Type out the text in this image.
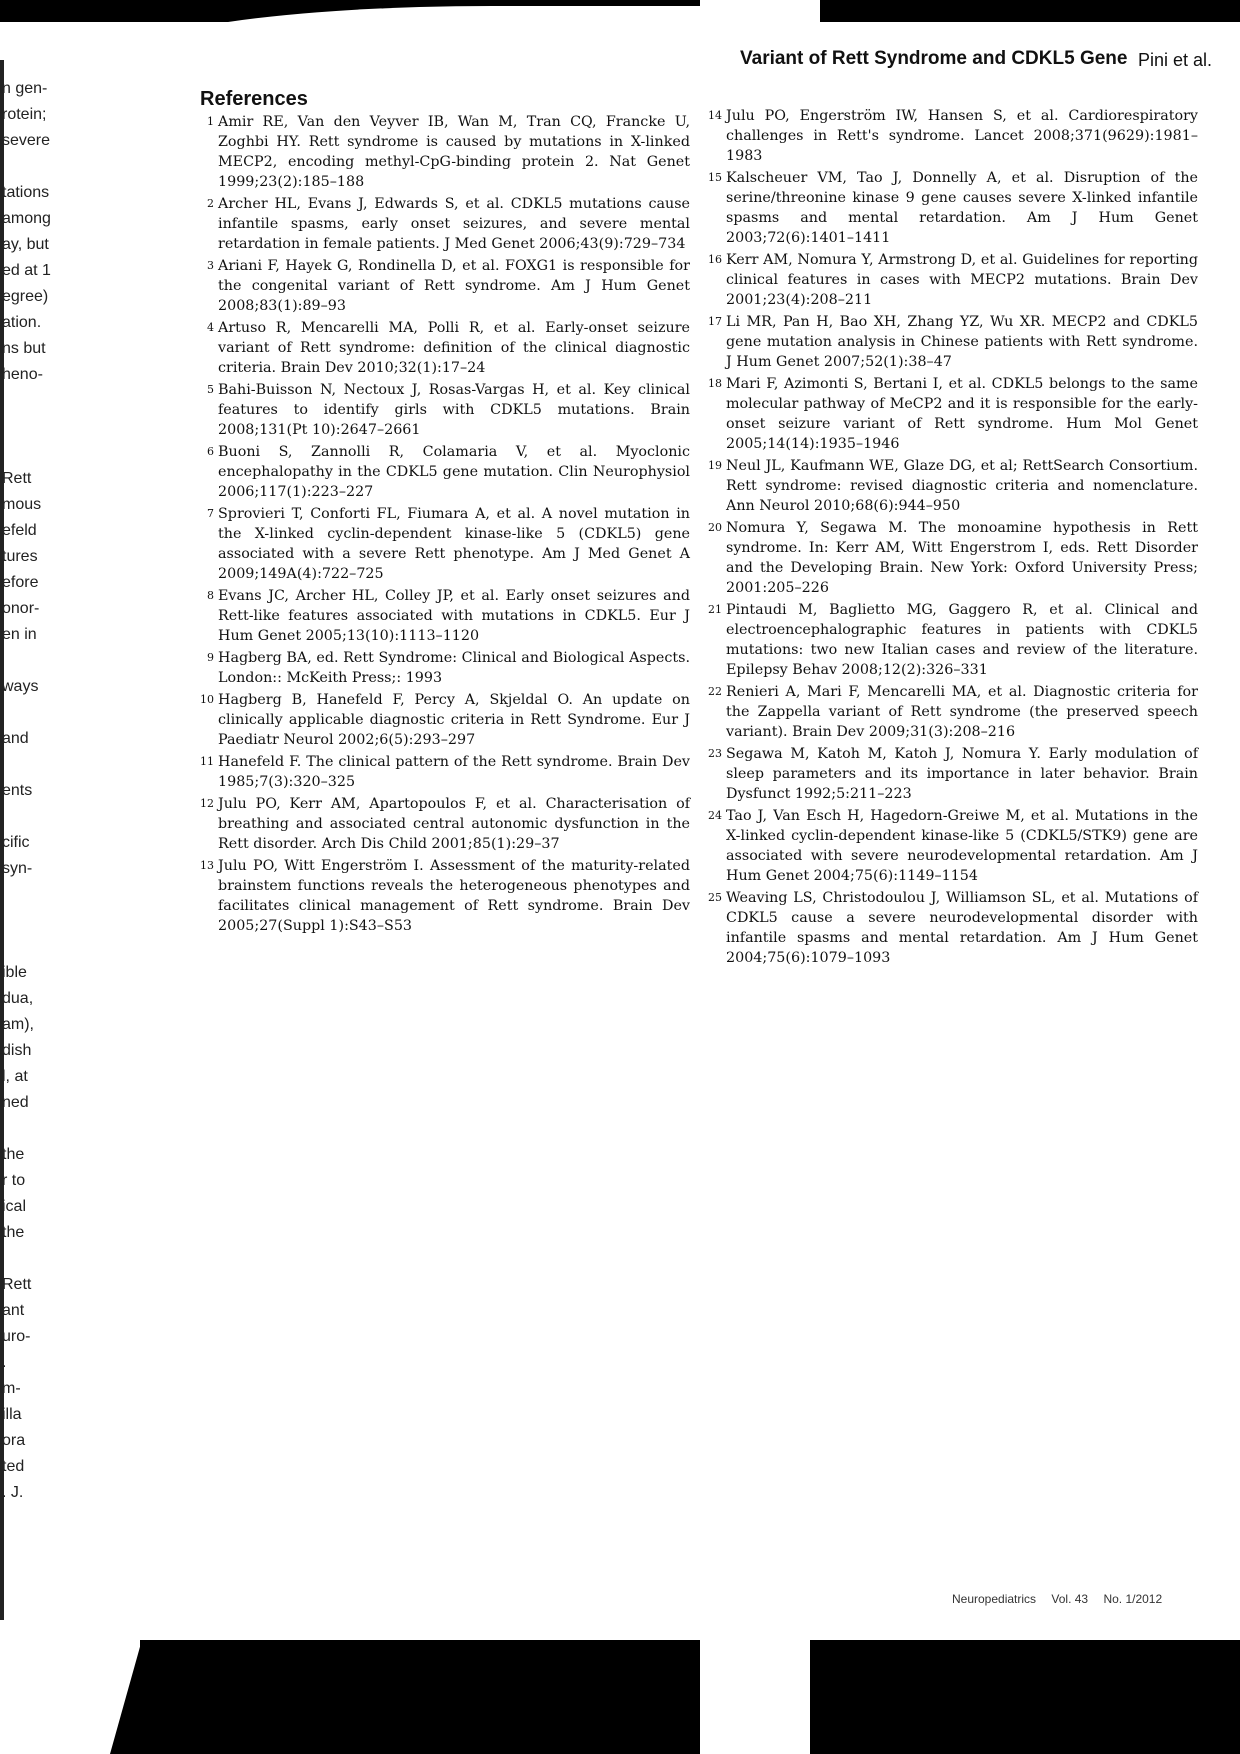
n gen-
rotein;
severe
tations
among
ay, but
ed at 1
egree)
ation.
ns but
heno-
Rett
mous
efeld
tures
efore
onor-
en in
ways
and
ents
cific
syn-
ible
dua,
am),
dish
l, at
ned
the
r to
ical
the
Rett
ant
uro-
.
m-
illa
ora
ted
. J.
Variant of Rett Syndrome and CDKL5 Gene Pini et al.
References
1 Amir RE, Van den Veyver IB, Wan M, Tran CQ, Francke U, Zoghbi HY. Rett syndrome is caused by mutations in X-linked MECP2, encoding methyl-CpG-binding protein 2. Nat Genet 1999;23(2):185–188
2 Archer HL, Evans J, Edwards S, et al. CDKL5 mutations cause infantile spasms, early onset seizures, and severe mental retardation in female patients. J Med Genet 2006;43(9):729–734
3 Ariani F, Hayek G, Rondinella D, et al. FOXG1 is responsible for the congenital variant of Rett syndrome. Am J Hum Genet 2008;83(1):89–93
4 Artuso R, Mencarelli MA, Polli R, et al. Early-onset seizure variant of Rett syndrome: definition of the clinical diagnostic criteria. Brain Dev 2010;32(1):17–24
5 Bahi-Buisson N, Nectoux J, Rosas-Vargas H, et al. Key clinical features to identify girls with CDKL5 mutations. Brain 2008;131(Pt 10):2647–2661
6 Buoni S, Zannolli R, Colamaria V, et al. Myoclonic encephalopathy in the CDKL5 gene mutation. Clin Neurophysiol 2006;117(1):223–227
7 Sprovieri T, Conforti FL, Fiumara A, et al. A novel mutation in the X-linked cyclin-dependent kinase-like 5 (CDKL5) gene associated with a severe Rett phenotype. Am J Med Genet A 2009;149A(4):722–725
8 Evans JC, Archer HL, Colley JP, et al. Early onset seizures and Rett-like features associated with mutations in CDKL5. Eur J Hum Genet 2005;13(10):1113–1120
9 Hagberg BA, ed. Rett Syndrome: Clinical and Biological Aspects. London:: McKeith Press;: 1993
10 Hagberg B, Hanefeld F, Percy A, Skjeldal O. An update on clinically applicable diagnostic criteria in Rett Syndrome. Eur J Paediatr Neurol 2002;6(5):293–297
11 Hanefeld F. The clinical pattern of the Rett syndrome. Brain Dev 1985;7(3):320–325
12 Julu PO, Kerr AM, Apartopoulos F, et al. Characterisation of breathing and associated central autonomic dysfunction in the Rett disorder. Arch Dis Child 2001;85(1):29–37
13 Julu PO, Witt Engerström I. Assessment of the maturity-related brainstem functions reveals the heterogeneous phenotypes and facilitates clinical management of Rett syndrome. Brain Dev 2005;27(Suppl 1):S43–S53
14 Julu PO, Engerström IW, Hansen S, et al. Cardiorespiratory challenges in Rett's syndrome. Lancet 2008;371(9629):1981–1983
15 Kalscheuer VM, Tao J, Donnelly A, et al. Disruption of the serine/threonine kinase 9 gene causes severe X-linked infantile spasms and mental retardation. Am J Hum Genet 2003;72(6):1401–1411
16 Kerr AM, Nomura Y, Armstrong D, et al. Guidelines for reporting clinical features in cases with MECP2 mutations. Brain Dev 2001;23(4):208–211
17 Li MR, Pan H, Bao XH, Zhang YZ, Wu XR. MECP2 and CDKL5 gene mutation analysis in Chinese patients with Rett syndrome. J Hum Genet 2007;52(1):38–47
18 Mari F, Azimonti S, Bertani I, et al. CDKL5 belongs to the same molecular pathway of MeCP2 and it is responsible for the early-onset seizure variant of Rett syndrome. Hum Mol Genet 2005;14(14):1935–1946
19 Neul JL, Kaufmann WE, Glaze DG, et al; RettSearch Consortium. Rett syndrome: revised diagnostic criteria and nomenclature. Ann Neurol 2010;68(6):944–950
20 Nomura Y, Segawa M. The monoamine hypothesis in Rett syndrome. In: Kerr AM, Witt Engerstrom I, eds. Rett Disorder and the Developing Brain. New York: Oxford University Press; 2001:205–226
21 Pintaudi M, Baglietto MG, Gaggero R, et al. Clinical and electroencephalographic features in patients with CDKL5 mutations: two new Italian cases and review of the literature. Epilepsy Behav 2008;12(2):326–331
22 Renieri A, Mari F, Mencarelli MA, et al. Diagnostic criteria for the Zappella variant of Rett syndrome (the preserved speech variant). Brain Dev 2009;31(3):208–216
23 Segawa M, Katoh M, Katoh J, Nomura Y. Early modulation of sleep parameters and its importance in later behavior. Brain Dysfunct 1992;5:211–223
24 Tao J, Van Esch H, Hagedorn-Greiwe M, et al. Mutations in the X-linked cyclin-dependent kinase-like 5 (CDKL5/STK9) gene are associated with severe neurodevelopmental retardation. Am J Hum Genet 2004;75(6):1149–1154
25 Weaving LS, Christodoulou J, Williamson SL, et al. Mutations of CDKL5 cause a severe neurodevelopmental disorder with infantile spasms and mental retardation. Am J Hum Genet 2004;75(6):1079–1093
Neuropediatrics Vol. 43 No. 1/2012
